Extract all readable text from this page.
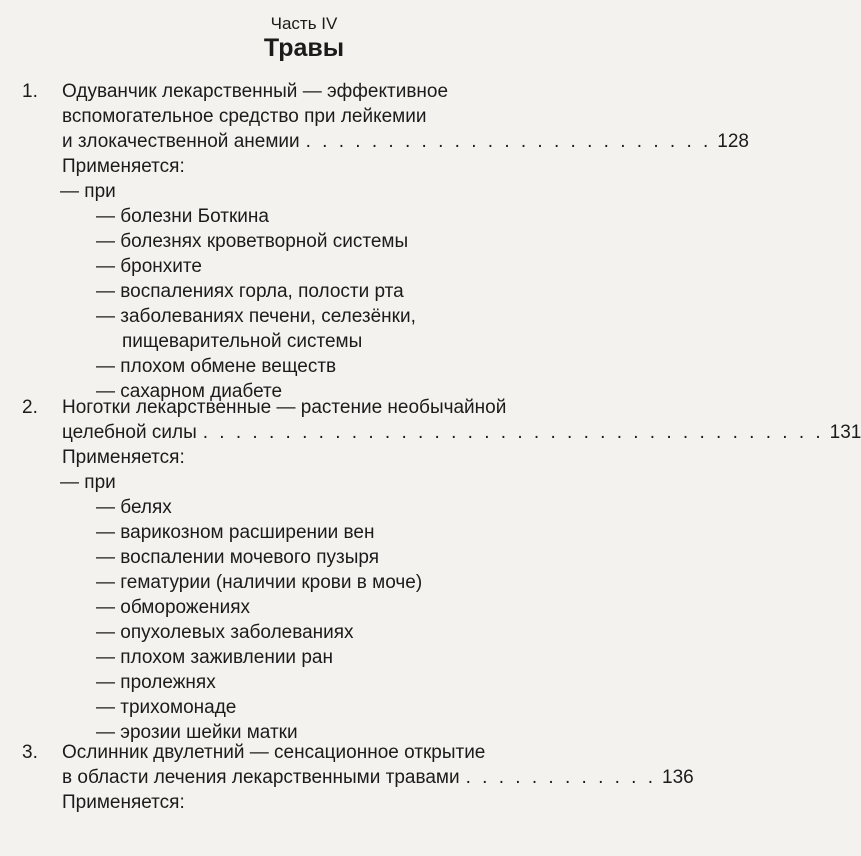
Часть IV
Травы
1. Одуванчик лекарственный — эффективное
вспомогательное средство при лейкемии
и злокачественной анемии . . . . . . . . . . . . . . . . . . . . . . . . . 128
Применяется:
— при
— болезни Боткина
— болезнях кроветворной системы
— бронхите
— воспалениях горла, полости рта
— заболеваниях печени, селезёнки,
пищеварительной системы
— плохом обмене веществ
— сахарном диабете
2. Ноготки лекарственные — растение необычайной
целебной силы . . . . . . . . . . . . . . . . . . . . . . . . . . . . . . . . . . . . . . 131
Применяется:
— при
— белях
— варикозном расширении вен
— воспалении мочевого пузыря
— гематурии (наличии крови в моче)
— обморожениях
— опухолевых заболеваниях
— плохом заживлении ран
— пролежнях
— трихомонаде
— эрозии шейки матки
3. Ослинник двулетний — сенсационное открытие
в области лечения лекарственными травами . . . . . . . . . . . . 136
Применяется:
